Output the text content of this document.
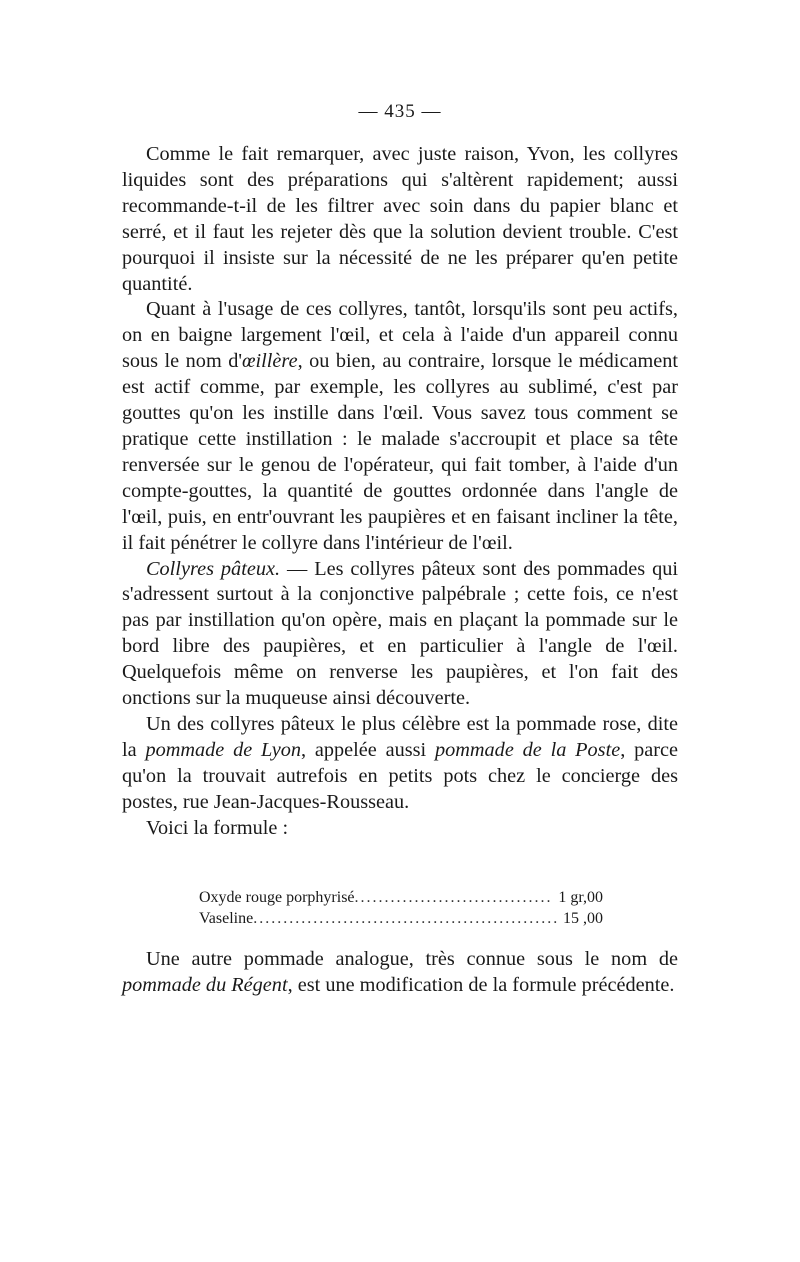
— 435 —

Comme le fait remarquer, avec juste raison, Yvon, les collyres liquides sont des préparations qui s'altèrent rapidement; aussi recommande-t-il de les filtrer avec soin dans du papier blanc et serré, et il faut les rejeter dès que la solution devient trouble. C'est pourquoi il insiste sur la nécessité de ne les préparer qu'en petite quantité.

Quant à l'usage de ces collyres, tantôt, lorsqu'ils sont peu actifs, on en baigne largement l'œil, et cela à l'aide d'un appareil connu sous le nom d'œillère, ou bien, au contraire, lorsque le médicament est actif comme, par exemple, les collyres au sublimé, c'est par gouttes qu'on les instille dans l'œil. Vous savez tous comment se pratique cette instillation : le malade s'accroupit et place sa tête renversée sur le genou de l'opérateur, qui fait tomber, à l'aide d'un compte-gouttes, la quantité de gouttes ordonnée dans l'angle de l'œil, puis, en entr'ouvrant les paupières et en faisant incliner la tête, il fait pénétrer le collyre dans l'intérieur de l'œil.

Collyres pâteux. — Les collyres pâteux sont des pommades qui s'adressent surtout à la conjonctive palpébrale ; cette fois, ce n'est pas par instillation qu'on opère, mais en plaçant la pommade sur le bord libre des paupières, et en particulier à l'angle de l'œil. Quelquefois même on renverse les paupières, et l'on fait des onctions sur la muqueuse ainsi découverte.

Un des collyres pâteux le plus célèbre est la pommade rose, dite la pommade de Lyon, appelée aussi pommade de la Poste, parce qu'on la trouvait autrefois en petits pots chez le concierge des postes, rue Jean-Jacques-Rousseau.

Voici la formule :

Oxyde rouge porphyrisé .....	1 gr,00
Vaseline .....	15 ,00

Une autre pommade analogue, très connue sous le nom de pommade du Régent, est une modification de la formule précédente.
